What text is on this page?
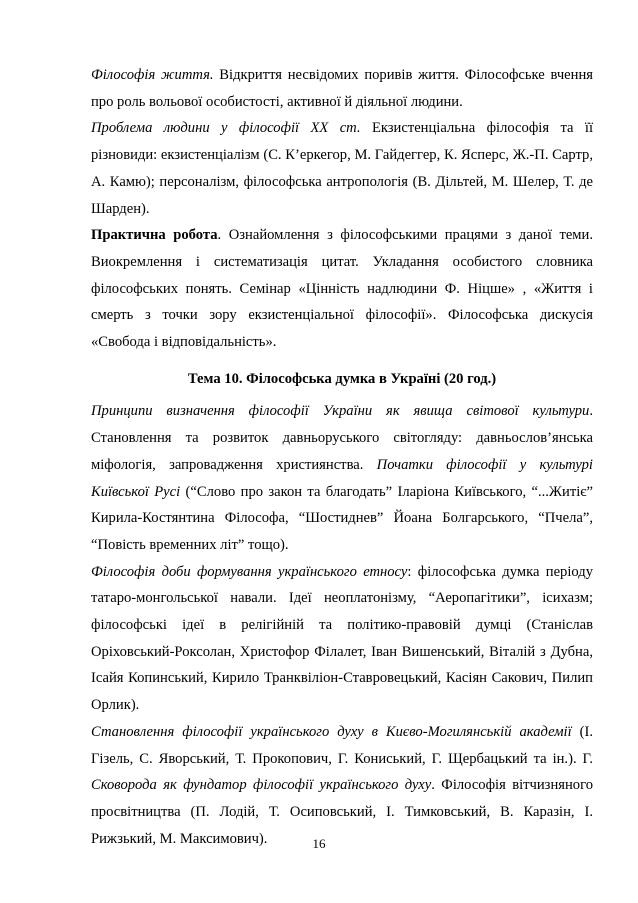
Філософія життя. Відкриття несвідомих поривів життя. Філософське вчення про роль вольової особистості, активної й діяльної людини.

Проблема людини у філософії ХХ ст. Екзистенціальна філософія та її різновиди: екзистенціалізм (С. К’еркегор, М. Гайдеггер, К. Ясперс, Ж.-П. Сартр, А. Камю); персоналізм, філософська антропологія (В. Дільтей, М. Шелер, Т. де Шарден).

Практична робота. Ознайомлення з філософськими працями з даної теми. Виокремлення і систематизація цитат. Укладання особистого словника філософських понять. Семінар «Цінність надлюдини Ф. Ніцше» , «Життя і смерть з точки зору екзистенціальної філософії». Філософська дискусія «Свобода і відповідальність».

Тема 10. Філософська думка в Україні (20 год.)

Принципи визначення філософії України як явища світової культури. Становлення та розвиток давньоруського світогляду: давньослов’янська міфологія, запровадження християнства. Початки філософії у культурі Київської Русі (“Слово про закон та благодать” Іларіона Київського, “...Житіє” Кирила-Костянтина Філософа, “Шостиднев” Йоана Болгарського, “Пчела”, “Повість временних літ” тощо).

Філософія доби формування українського етносу: філософська думка періоду татаро-монгольської навали. Ідеї неоплатонізму, “Аеропагітики”, ісихазм; філософські ідеї в релігійній та політико-правовій думці (Станіслав Оріховський-Роксолан, Христофор Філалет, Іван Вишенський, Віталій з Дубна, Ісайя Копинський, Кирило Транквіліон-Ставровецький, Касіян Сакович, Пилип Орлик).

Становлення філософії українського духу в Києво-Могилянській академії (І. Гізель, С. Яворський, Т. Прокопович, Г. Кониський, Г. Щербацький та ін.). Г. Сковорода як фундатор філософії українського духу. Філософія вітчизняного просвітництва (П. Лодій, Т. Осиповський, І. Тимковський, В. Каразін, І. Рижзький, М. Максимович).	16
